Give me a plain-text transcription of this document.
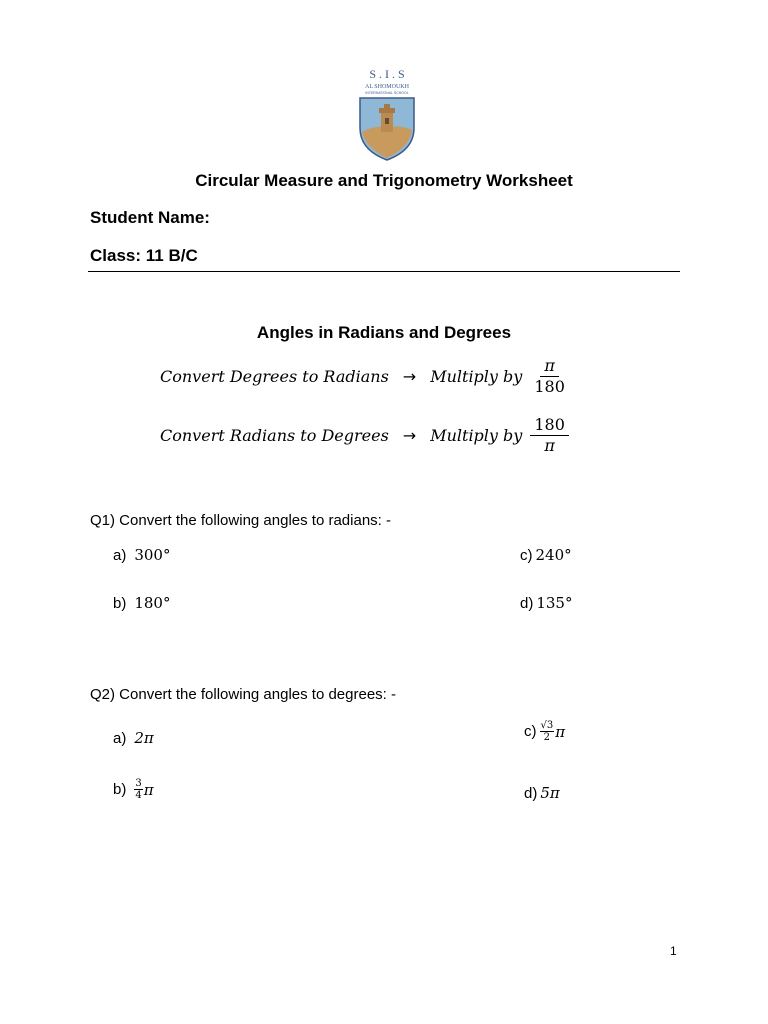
S . I . S
AL SHOMOUKH
INTERNATIONAL SCHOOL
Circular Measure and Trigonometry Worksheet
Student Name:
Class: 11 B/C
Angles in Radians and Degrees
Convert Degrees to Radians → Multiply by $\frac{\pi}{180}$
Convert Radians to Degrees → Multiply by $\frac{180}{\pi}$
Q1) Convert the following angles to radians: -
a) 300°
b) 180°
c) 240°
d) 135°
Q2) Convert the following angles to degrees: -
a) 2π
$b) \frac{3}{4}$ π
$c) \frac{√3}{2}$ π
d) 5π
1
